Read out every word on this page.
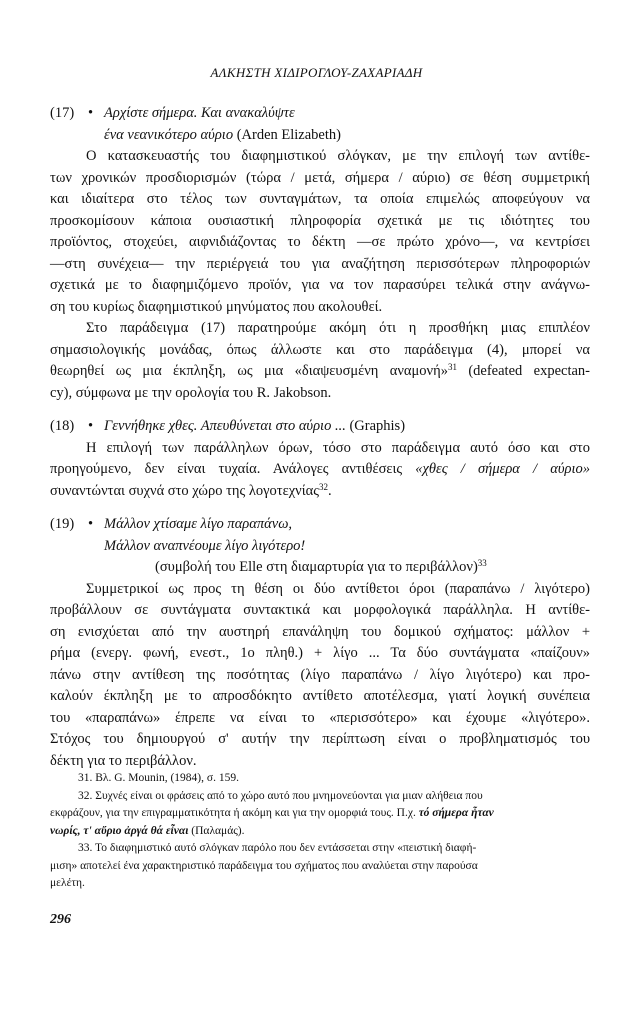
ΑΛΚΗΣΤΗ ΧΙΔΙΡΟΓΛΟΥ-ΖΑΧΑΡΙΑΔΗ
(17) • Αρχίστε σήμερα. Και ανακαλύψτε
ένα νεανικότερο αύριο (Arden Elizabeth)
Ο κατασκευαστής του διαφημιστικού σλόγκαν, με την επιλογή των αντίθε-
των χρονικών προσδιορισμών (τώρα / μετά, σήμερα / αύριο) σε θέση συμμετρική
και ιδιαίτερα στο τέλος των συνταγμάτων, τα οποία επιμελώς αποφεύγουν να
προσκομίσουν κάποια ουσιαστική πληροφορία σχετικά με τις ιδιότητες του
προϊόντος, στοχεύει, αιφνιδιάζοντας το δέκτη —σε πρώτο χρόνο—, να κεντρίσει
—στη συνέχεια— την περιέργειά του για αναζήτηση περισσότερων πληροφοριών
σχετικά με το διαφημιζόμενο προϊόν, για να τον παρασύρει τελικά στην ανάγνω-
ση του κυρίως διαφημιστικού μηνύματος που ακολουθεί.
Στο παράδειγμα (17) παρατηρούμε ακόμη ότι η προσθήκη μιας επιπλέον
σημασιολογικής μονάδας, όπως άλλωστε και στο παράδειγμα (4), μπορεί να
θεωρηθεί ως μια έκπληξη, ως μια «διαψευσμένη αναμονή»$^{31}$ (defeated expectan-
cy), σύμφωνα με την ορολογία του R. Jakobson.
(18) • Γεννήθηκε χθες. Απευθύνεται στο αύριο ... (Graphis)
Η επιλογή των παράλληλων όρων, τόσο στο παράδειγμα αυτό όσο και στο
προηγούμενο, δεν είναι τυχαία. Ανάλογες αντιθέσεις «χθες / σήμερα / αύριο»
συναντώνται συχνά στο χώρο της λογοτεχνίας$^{32}$.
(19) • Μάλλον χτίσαμε λίγο παραπάνω,
Μάλλον αναπνέουμε λίγο λιγότερο!
(συμβολή του Elle στη διαμαρτυρία για το περιβάλλον)$^{33}$
Συμμετρικοί ως προς τη θέση οι δύο αντίθετοι όροι (παραπάνω / λιγότερο)
προβάλλουν σε συντάγματα συντακτικά και μορφολογικά παράλληλα. Η αντίθε-
ση ενισχύεται από την αυστηρή επανάληψη του δομικού σχήματος: μάλλον +
ρήμα (ενεργ. φωνή, ενεστ., 1ο πληθ.) + λίγο ... Τα δύο συντάγματα «παίζουν»
πάνω στην αντίθεση της ποσότητας (λίγο παραπάνω / λίγο λιγότερο) και προ-
καλούν έκπληξη με το απροσδόκητο αντίθετο αποτέλεσμα, γιατί λογική συνέπεια
του «παραπάνω» έπρεπε να είναι το «περισσότερο» και έχουμε «λιγότερο».
Στόχος του δημιουργού σ' αυτήν την περίπτωση είναι ο προβληματισμός του
δέκτη για το περιβάλλον.
31. Βλ. G. Mounin, (1984), σ. 159.
32. Συχνές είναι οι φράσεις από το χώρο αυτό που μνημονεύονται για μιαν αλήθεια που
εκφράζουν, για την επιγραμματικότητα ή ακόμη και για την ομορφιά τους. Π.χ. τό σήμερα ἦταν
νωρίς, τ' αὔριο ἀργά θά εἶναι (Παλαμάς).
33. Το διαφημιστικό αυτό σλόγκαν παρόλο που δεν εντάσσεται στην «πειστική διαφή-
μιση» αποτελεί ένα χαρακτηριστικό παράδειγμα του σχήματος που αναλύεται στην παρούσα
μελέτη.
296
